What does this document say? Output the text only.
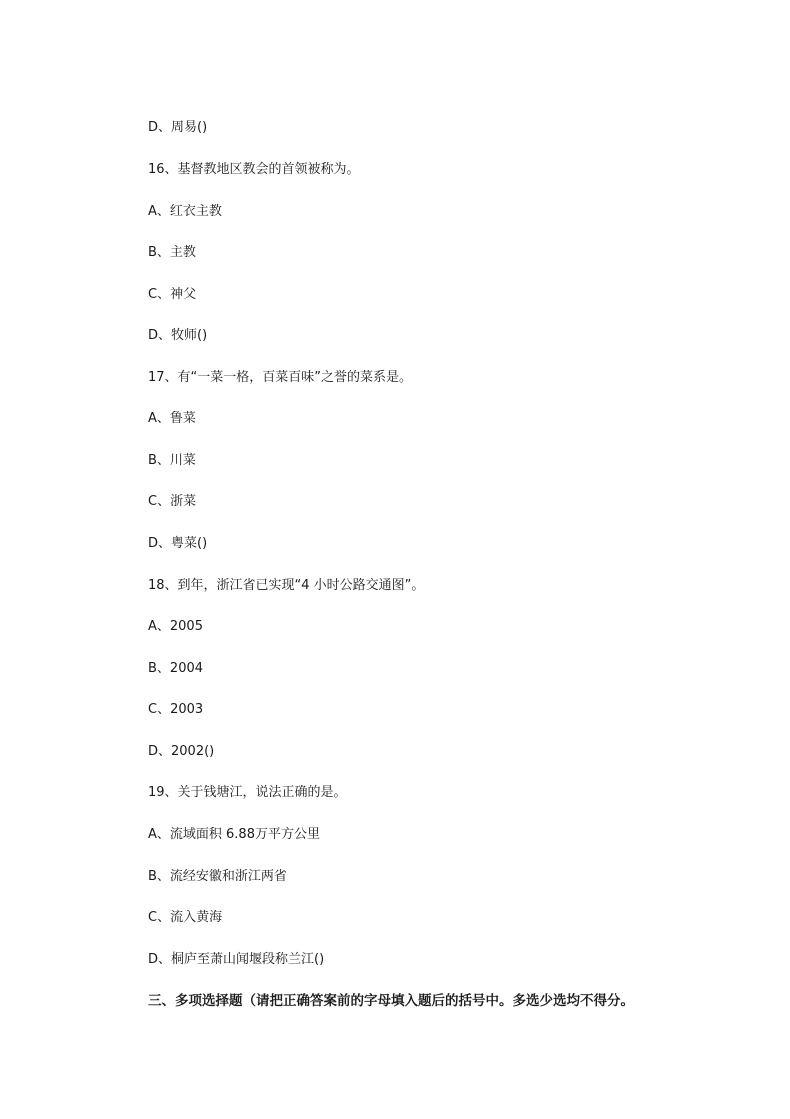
D、周易()
16、基督教地区教会的首领被称为。
A、红衣主教
B、主教
C、神父
D、牧师()
17、有“一菜一格，百菜百味”之誉的菜系是。
A、鲁菜
B、川菜
C、浙菜
D、粤菜()
18、到年，浙江省已实现“4 小时公路交通图”。
A、2005
B、2004
C、2003
D、2002()
19、关于钱塘江，说法正确的是。
A、流域面积 6.88万平方公里
B、流经安徽和浙江两省
C、流入黄海
D、桐庐至萧山闻堰段称兰江()
三、多项选择题（请把正确答案前的字母填入题后的括号中。多选少选均不得分。
